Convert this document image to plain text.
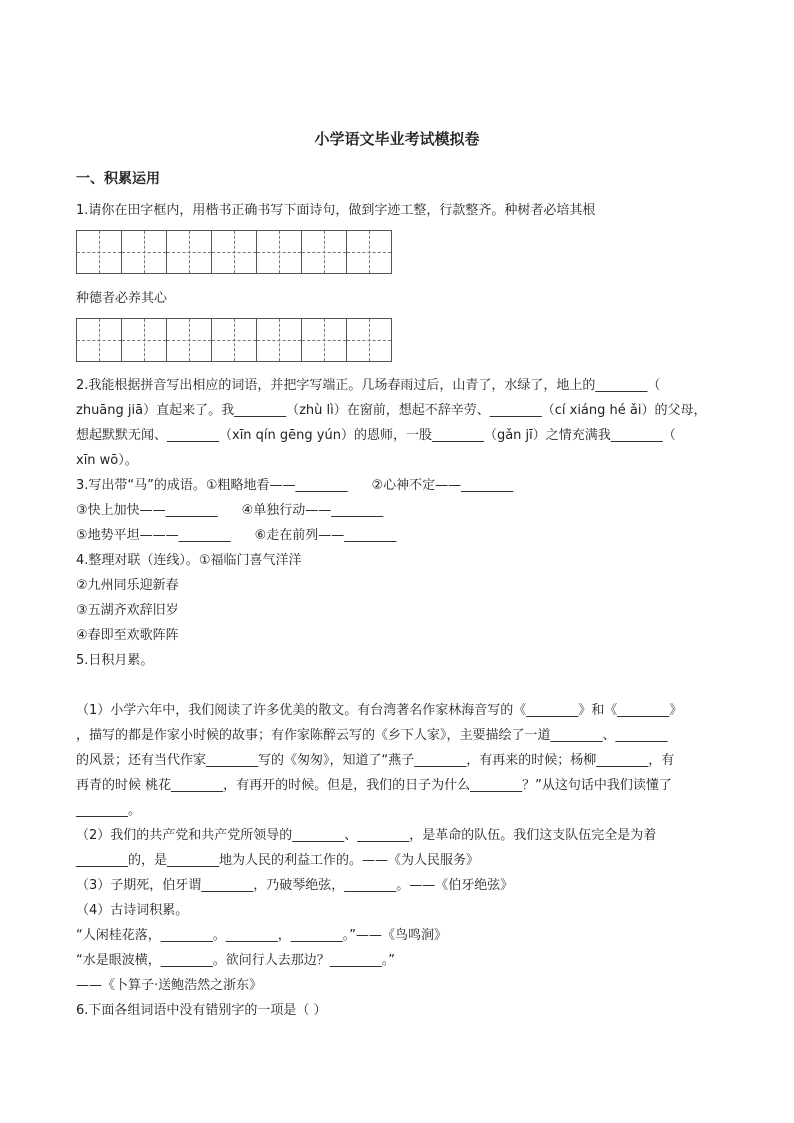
小学语文毕业考试模拟卷
一、积累运用
1.请你在田字框内，用楷书正确书写下面诗句，做到字迹工整，行款整齐。种树者必培其根
种德者必养其心
2.我能根据拼音写出相应的词语，并把字写端正。几场春雨过后，山青了，水绿了，地上的________（
zhuāng jiā）直起来了。我________（zhù lì）在窗前，想起不辞辛劳、________（cí xiáng hé ǎi）的父母，
想起默默无闻、________（xīn qín gēng yún）的恩师，一股________（gǎn jī）之情充满我________（
xīn wō）。
3.写出带“马”的成语。①粗略地看——________ ②心神不定——________
③快上加快——________ ④单独行动——________
⑤地势平坦———________ ⑥走在前列——________
4.整理对联（连线）。①福临门喜气洋洋
②九州同乐迎新春
③五湖齐欢辞旧岁
④春即至欢歌阵阵
5.日积月累。
（1）小学六年中，我们阅读了许多优美的散文。有台湾著名作家林海音写的《________》和《________》
，描写的都是作家小时候的故事；有作家陈醉云写的《乡下人家》，主要描绘了一道________、________
的风景；还有当代作家________写的《匆匆》，知道了“燕子________，有再来的时候；杨柳________，有
再青的时候 桃花________，有再开的时候。但是，我们的日子为什么________？”从这句话中我们读懂了
________。
（2）我们的共产党和共产党所领导的________、________，是革命的队伍。我们这支队伍完全是为着
________的，是________地为人民的利益工作的。——《为人民服务》
（3）子期死，伯牙谓________，乃破琴绝弦，________。——《伯牙绝弦》
（4）古诗词积累。
“人闲桂花落，________。________，________。”——《鸟鸣涧》
“水是眼波横，________。欲问行人去那边？________。”
——《卜算子·送鲍浩然之浙东》
6.下面各组词语中没有错别字的一项是（ ）
